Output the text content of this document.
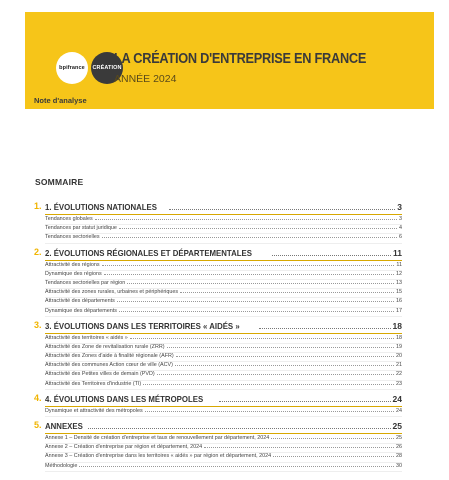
bpifrance CRÉATION
LA CRÉATION D'ENTREPRISE EN FRANCE
ANNÉE 2024
Note d'analyse
SOMMAIRE
1. 1. ÉVOLUTIONS NATIONALES	3
Tendances globales	3
Tendances par statut juridique	4
Tendances sectorielles	6
2. 2. ÉVOLUTIONS RÉGIONALES ET DÉPARTEMENTALES	11
Attractivité des régions	11
Dynamique des régions	12
Tendances sectorielles par région	13
Attractivité des zones rurales, urbaines et périphériques	15
Attractivité des départements	16
Dynamique des départements	17
3. 3. ÉVOLUTIONS DANS LES TERRITOIRES « AIDÉS »	18
Attractivité des territoires « aidés »	18
Attractivité des Zone de revitalisation rurale (ZRR)	19
Attractivité des Zones d'aide à finalité régionale (AFR)	20
Attractivité des communes Action cœur de ville (ACV)	21
Attractivité des Petites villes de demain (PVD)	22
Attractivité des Territoires d'industrie (TI)	23
4. 4. ÉVOLUTIONS DANS LES MÉTROPOLES	24
Dynamique et attractivité des métropoles	24
5. ANNEXES	25
Annexe 1 – Densité de création d'entreprise et taux de renouvellement par département, 2024	25
Annexe 2 – Création d'entreprise par région et département, 2024	26
Annexe 3 – Création d'entreprise dans les territoires « aidés » par région et département, 2024	28
Méthodologie	30
